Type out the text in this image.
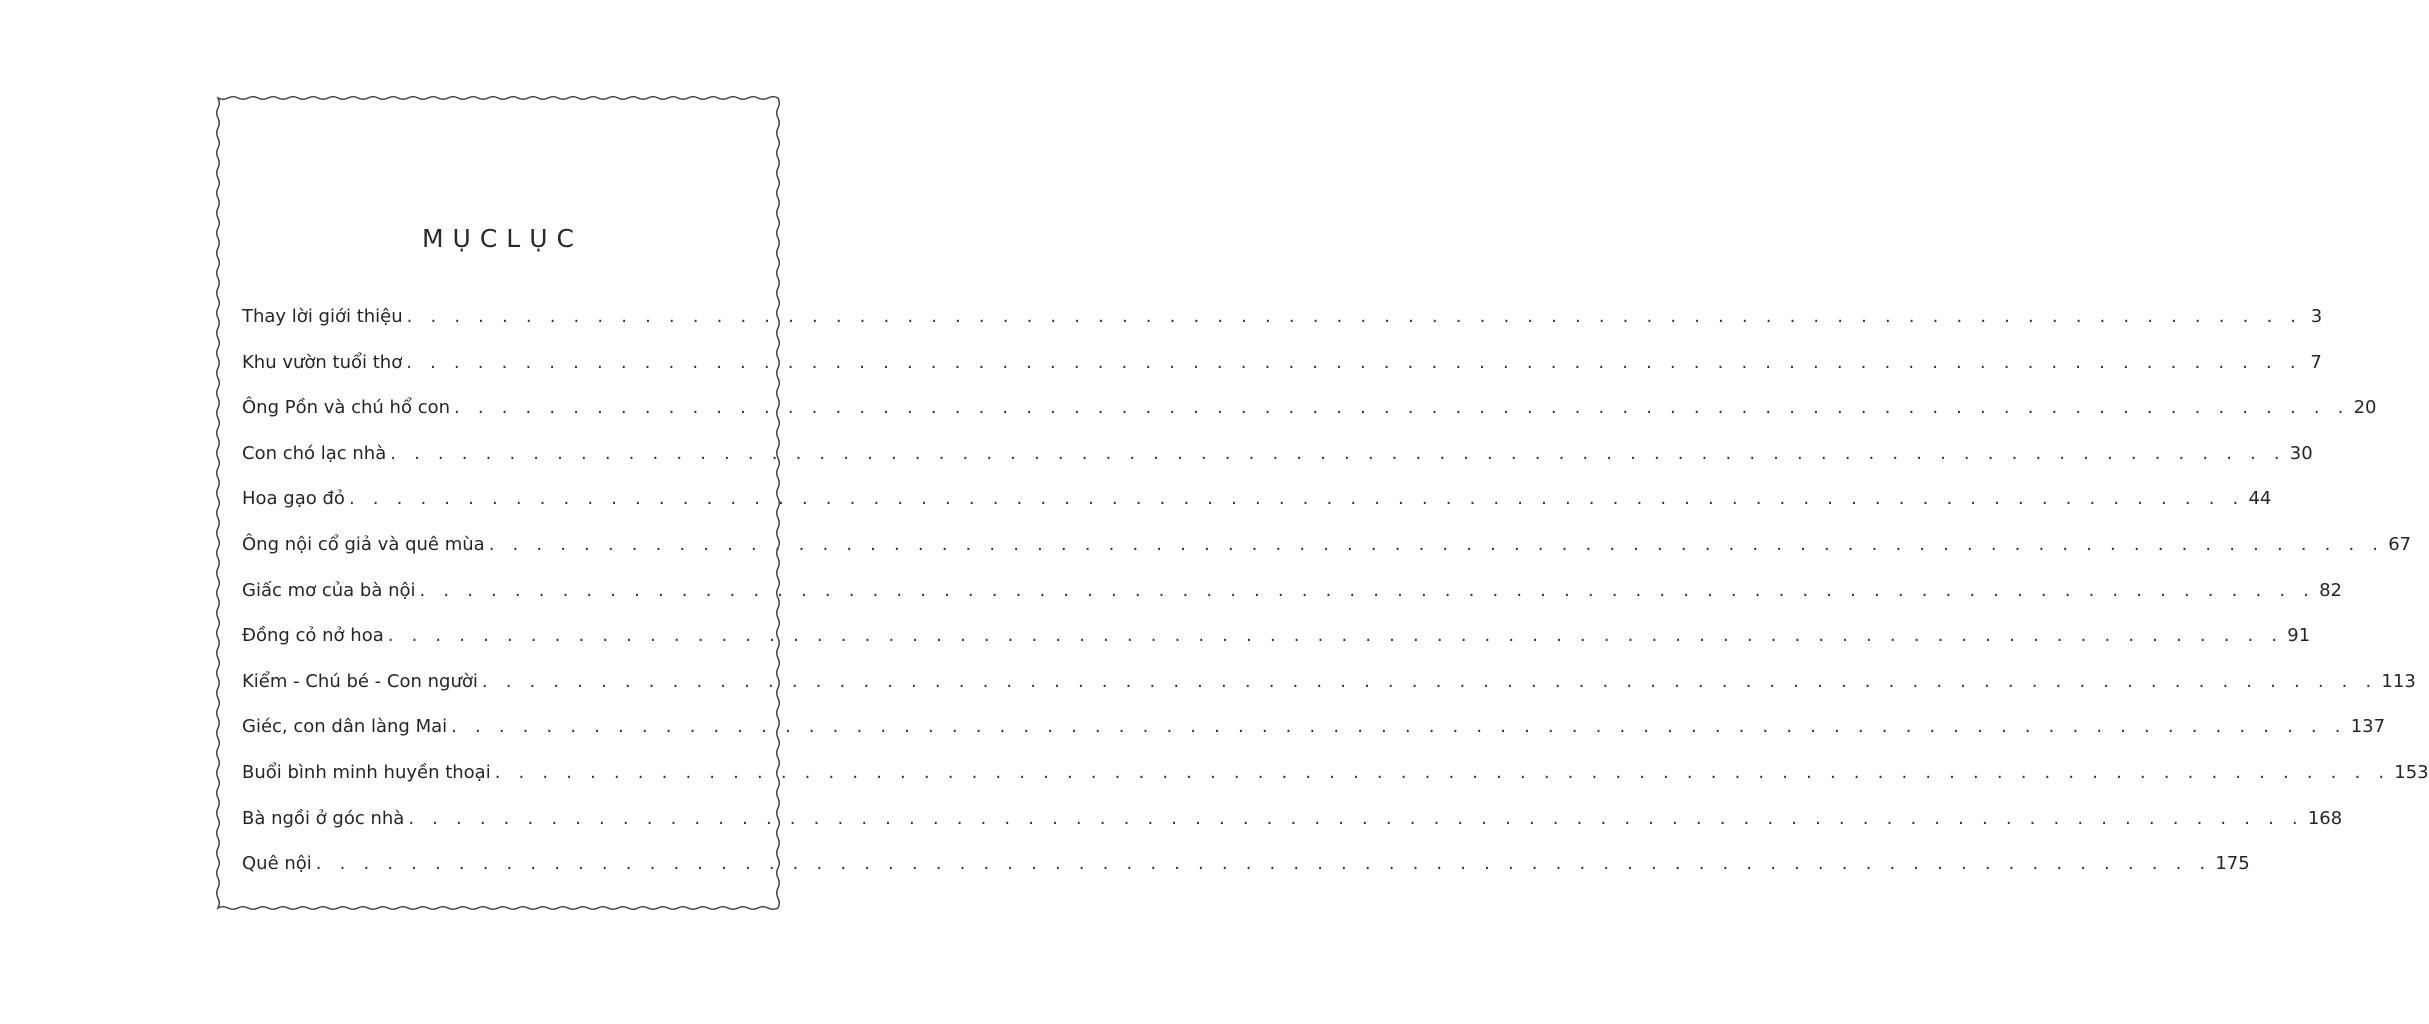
MỤCLỤC
Thay lời giới thiệu . . . . . . . . . . . . . . . . . . . . . . . . . . . . . . . . . . . . . . . . . . . . . . . . . . . . . . . . . . . . . . . . . . . . . . . . . . . . . . . . 3
Khu vườn tuổi thơ . . . . . . . . . . . . . . . . . . . . . . . . . . . . . . . . . . . . . . . . . . . . . . . . . . . . . . . . . . . . . . . . . . . . . . . . . . . . . . . . 7
Ông Pồn và chú hổ con . . . . . . . . . . . . . . . . . . . . . . . . . . . . . . . . . . . . . . . . . . . . . . . . . . . . . . . . . . . . . . . . . . . . . . . . . . . . . . . . 20
Con chó lạc nhà . . . . . . . . . . . . . . . . . . . . . . . . . . . . . . . . . . . . . . . . . . . . . . . . . . . . . . . . . . . . . . . . . . . . . . . . . . . . . . . . 30
Hoa gạo đỏ . . . . . . . . . . . . . . . . . . . . . . . . . . . . . . . . . . . . . . . . . . . . . . . . . . . . . . . . . . . . . . . . . . . . . . . . . . . . . . . . 44
Ông nội cổ giả và quê mùa . . . . . . . . . . . . . . . . . . . . . . . . . . . . . . . . . . . . . . . . . . . . . . . . . . . . . . . . . . . . . . . . . . . . . . . . . . . . . . . . 67
Giấc mơ của bà nội . . . . . . . . . . . . . . . . . . . . . . . . . . . . . . . . . . . . . . . . . . . . . . . . . . . . . . . . . . . . . . . . . . . . . . . . . . . . . . . . 82
Đồng cỏ nở hoa . . . . . . . . . . . . . . . . . . . . . . . . . . . . . . . . . . . . . . . . . . . . . . . . . . . . . . . . . . . . . . . . . . . . . . . . . . . . . . . . 91
Kiểm - Chú bé - Con người . . . . . . . . . . . . . . . . . . . . . . . . . . . . . . . . . . . . . . . . . . . . . . . . . . . . . . . . . . . . . . . . . . . . . . . . . . . . . . . . 113
Giéc, con dân làng Mai . . . . . . . . . . . . . . . . . . . . . . . . . . . . . . . . . . . . . . . . . . . . . . . . . . . . . . . . . . . . . . . . . . . . . . . . . . . . . . . . 137
Buổi bình minh huyền thoại . . . . . . . . . . . . . . . . . . . . . . . . . . . . . . . . . . . . . . . . . . . . . . . . . . . . . . . . . . . . . . . . . . . . . . . . . . . . . . . . 153
Bà ngồi ở góc nhà . . . . . . . . . . . . . . . . . . . . . . . . . . . . . . . . . . . . . . . . . . . . . . . . . . . . . . . . . . . . . . . . . . . . . . . . . . . . . . . . 168
Quê nội . . . . . . . . . . . . . . . . . . . . . . . . . . . . . . . . . . . . . . . . . . . . . . . . . . . . . . . . . . . . . . . . . . . . . . . . . . . . . . . . 175
